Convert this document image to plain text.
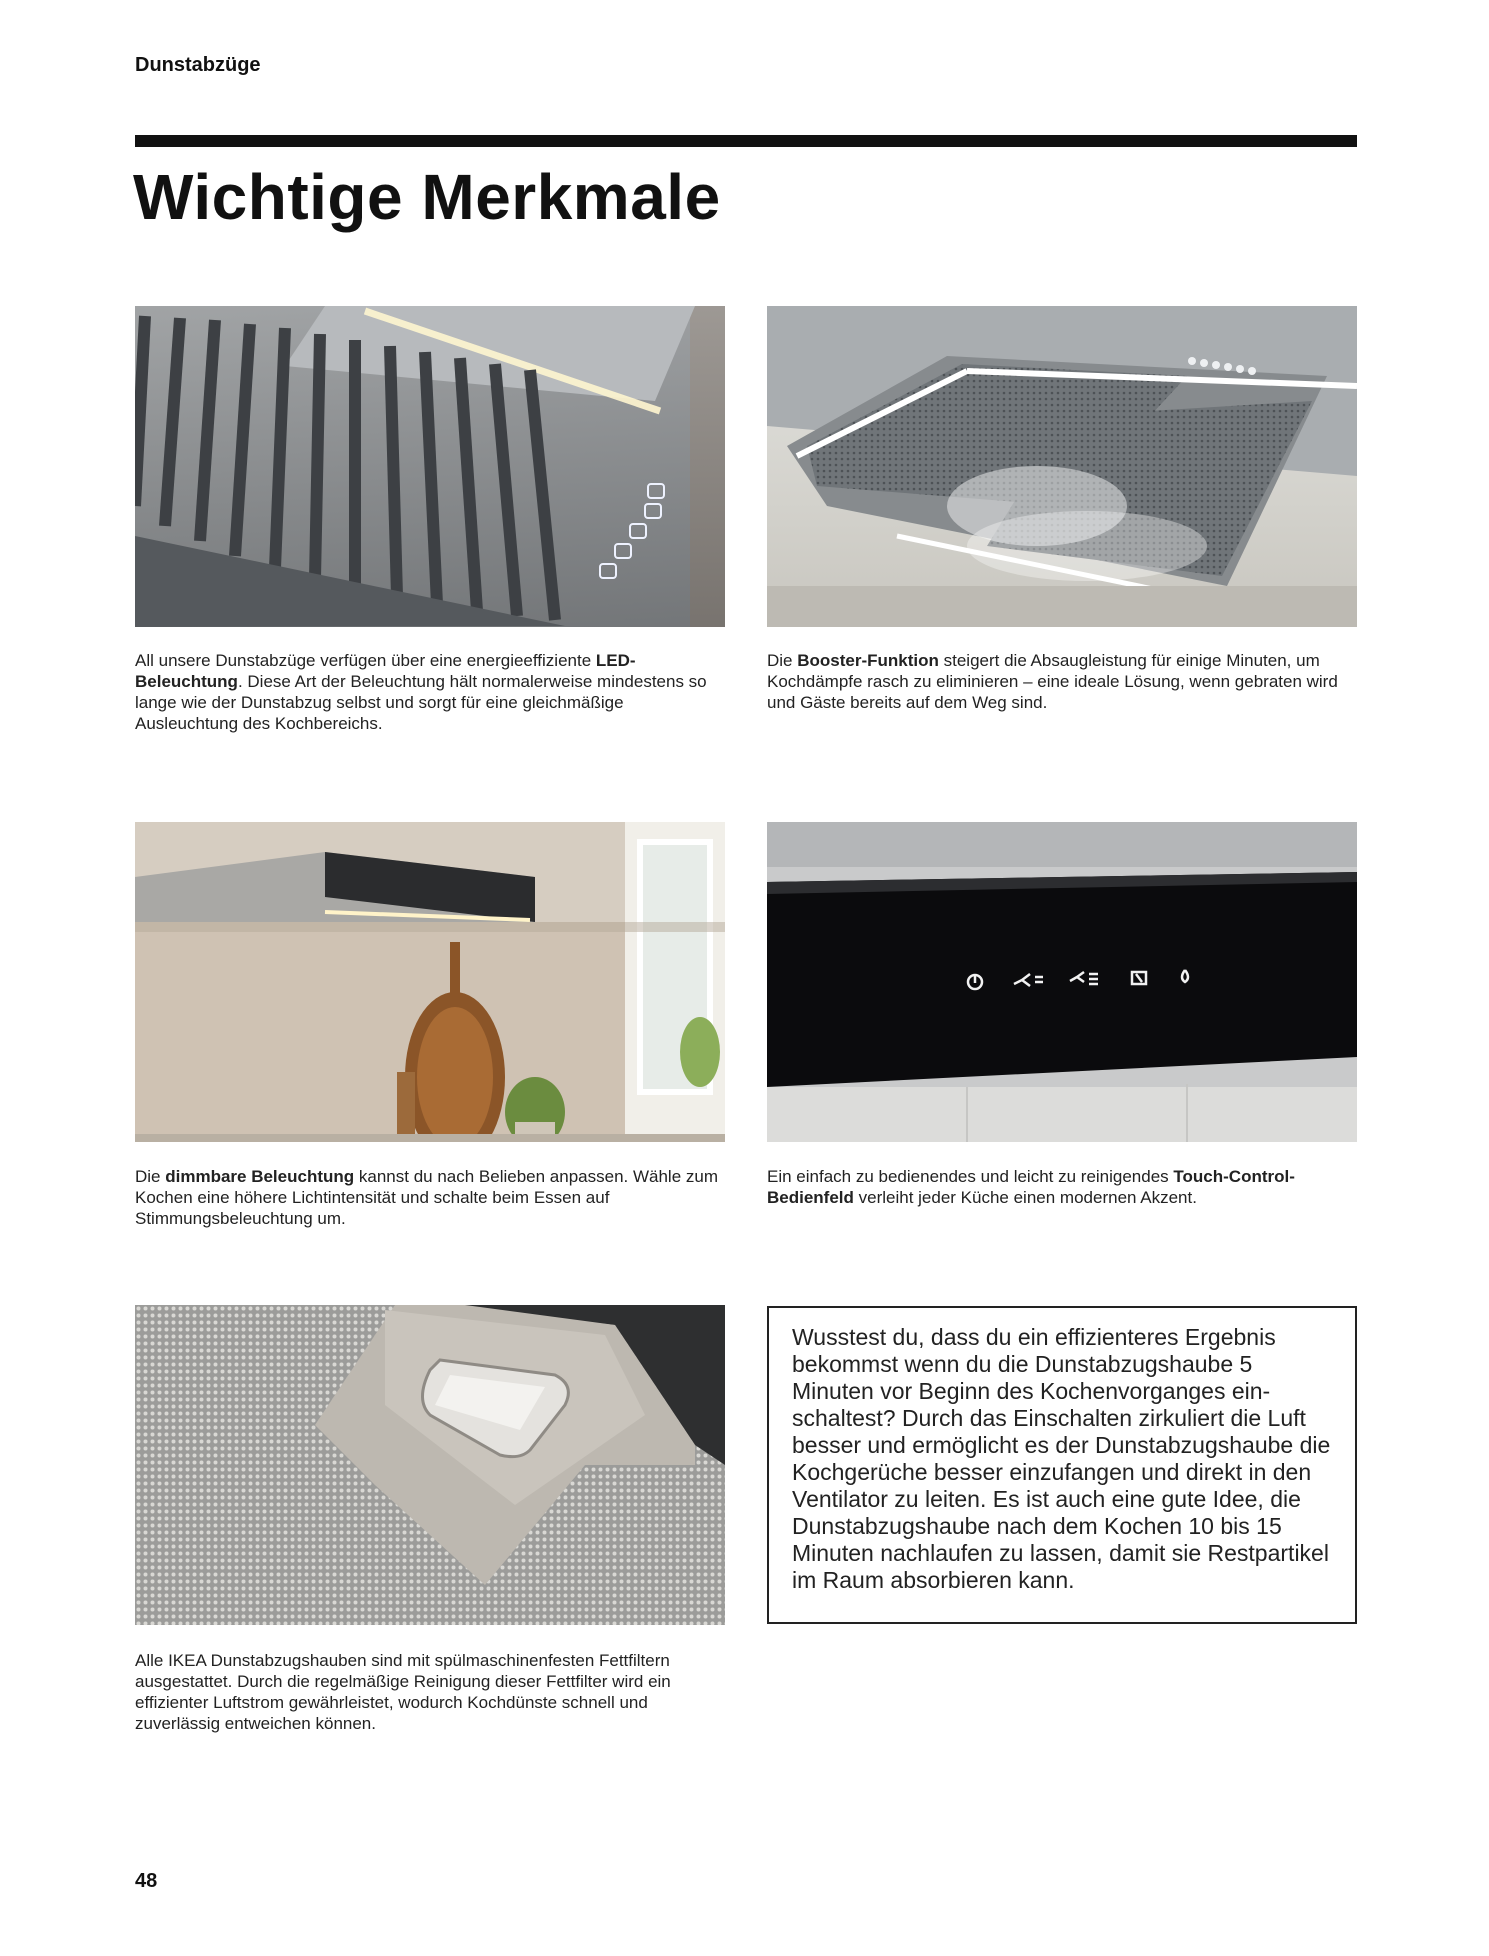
Dunstabzüge
Wichtige Merkmale

All unsere Dunstabzüge verfügen über eine energieeffiziente LED-Beleuchtung. Diese Art der Beleuchtung hält normalerweise mindestens so lange wie der Dunstabzug selbst und sorgt für eine gleichmäßige Ausleuchtung des Kochbereichs.

Die Booster-Funktion steigert die Absaugleistung für einige Minuten, um Kochdämpfe rasch zu eliminieren – eine ideale Lösung, wenn gebraten wird und Gäste bereits auf dem Weg sind.

Die dimmbare Beleuchtung kannst du nach Belieben anpassen. Wähle zum Kochen eine höhere Lichtintensität und schalte beim Essen auf Stimmungsbeleuchtung um.

Ein einfach zu bedienendes und leicht zu reinigendes Touch-Control-Bedienfeld verleiht jeder Küche einen modernen Akzent.

Wusstest du, dass du ein effizienteres Ergebnis bekommst wenn du die Dunstabzugshaube 5 Minuten vor Beginn des Kochenvorganges einschaltest? Durch das Einschalten zirkuliert die Luft besser und ermöglicht es der Dunstabzugshaube die Kochgerüche besser einzufangen und direkt in den Ventilator zu leiten. Es ist auch eine gute Idee, die Dunstabzugshaube nach dem Kochen 10 bis 15 Minuten nachlaufen zu lassen, damit sie Restpartikel im Raum absorbieren kann.

Alle IKEA Dunstabzugshauben sind mit spülmaschinenfesten Fettfiltern ausgestattet. Durch die regelmäßige Reinigung dieser Fettfilter wird ein effizienter Luftstrom gewährleistet, wodurch Kochdünste schnell und zuverlässig entweichen können.

48
